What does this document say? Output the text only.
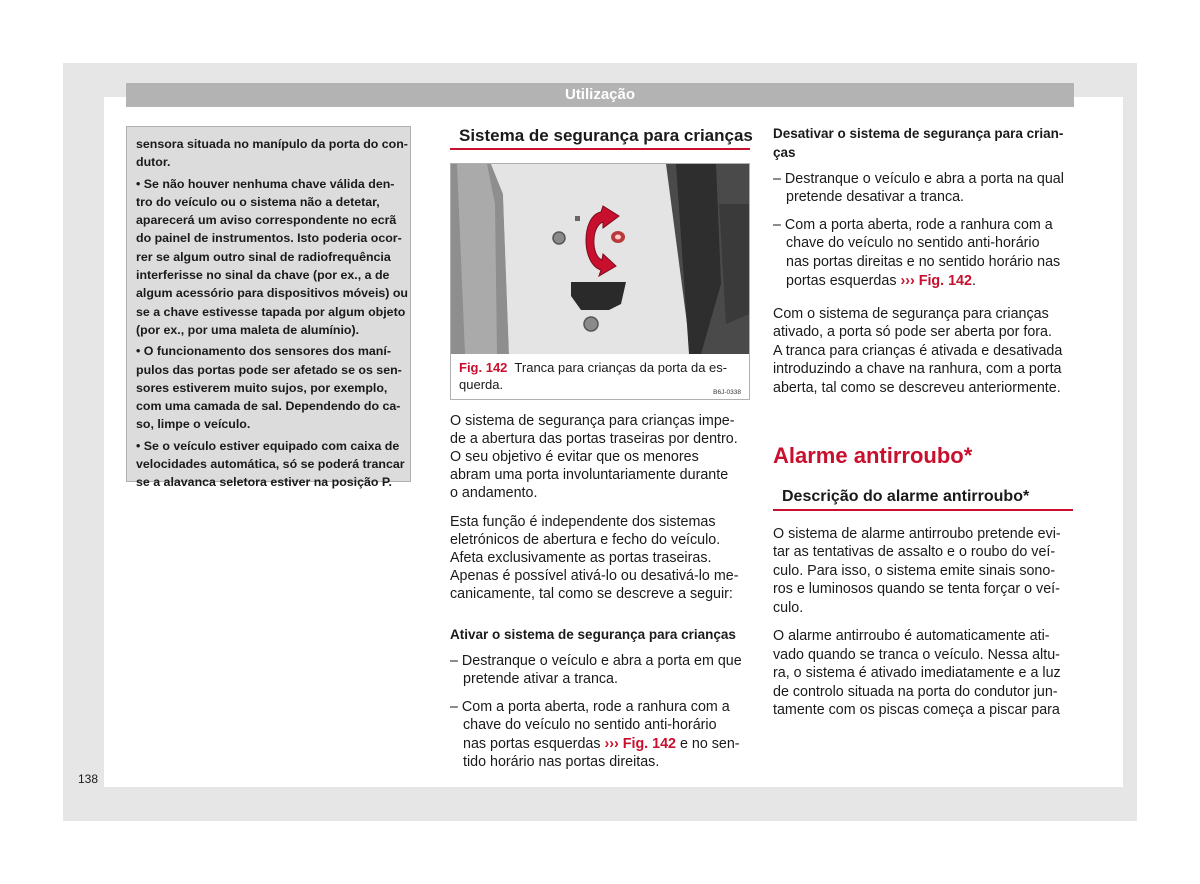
Utilização
138
sensora situada no manípulo da porta do con-
dutor.
• Se não houver nenhuma chave válida den-
tro do veículo ou o sistema não a detetar,
aparecerá um aviso correspondente no ecrã
do painel de instrumentos. Isto poderia ocor-
rer se algum outro sinal de radiofrequência
interferisse no sinal da chave (por ex., a de
algum acessório para dispositivos móveis) ou
se a chave estivesse tapada por algum objeto
(por ex., por uma maleta de alumínio).
• O funcionamento dos sensores dos maní-
pulos das portas pode ser afetado se os sen-
sores estiverem muito sujos, por exemplo,
com uma camada de sal. Dependendo do ca-
so, limpe o veículo.
• Se o veículo estiver equipado com caixa de
velocidades automática, só se poderá trancar
se a alavanca seletora estiver na posição P.
Sistema de segurança para crianças
B6J-0338
Fig. 142 Tranca para crianças da porta da es-
querda.
O sistema de segurança para crianças impe-
de a abertura das portas traseiras por dentro.
O seu objetivo é evitar que os menores
abram uma porta involuntariamente durante
o andamento.
Esta função é independente dos sistemas
eletrónicos de abertura e fecho do veículo.
Afeta exclusivamente as portas traseiras.
Apenas é possível ativá-lo ou desativá-lo me-
canicamente, tal como se descreve a seguir:
Ativar o sistema de segurança para crianças
– Destranque o veículo e abra a porta em que
pretende ativar a tranca.
– Com a porta aberta, rode a ranhura com a
chave do veículo no sentido anti-horário
nas portas esquerdas ››› Fig. 142 e no sen-
tido horário nas portas direitas.
Desativar o sistema de segurança para crian-
ças
– Destranque o veículo e abra a porta na qual
pretende desativar a tranca.
– Com a porta aberta, rode a ranhura com a
chave do veículo no sentido anti-horário
nas portas direitas e no sentido horário nas
portas esquerdas ››› Fig. 142.
Com o sistema de segurança para crianças
ativado, a porta só pode ser aberta por fora.
A tranca para crianças é ativada e desativada
introduzindo a chave na ranhura, com a porta
aberta, tal como se descreveu anteriormente.
Alarme antirroubo*
Descrição do alarme antirroubo*
O sistema de alarme antirroubo pretende evi-
tar as tentativas de assalto e o roubo do veí-
culo. Para isso, o sistema emite sinais sono-
ros e luminosos quando se tenta forçar o veí-
culo.
O alarme antirroubo é automaticamente ati-
vado quando se tranca o veículo. Nessa altu-
ra, o sistema é ativado imediatamente e a luz
de controlo situada na porta do condutor jun-
tamente com os piscas começa a piscar para
